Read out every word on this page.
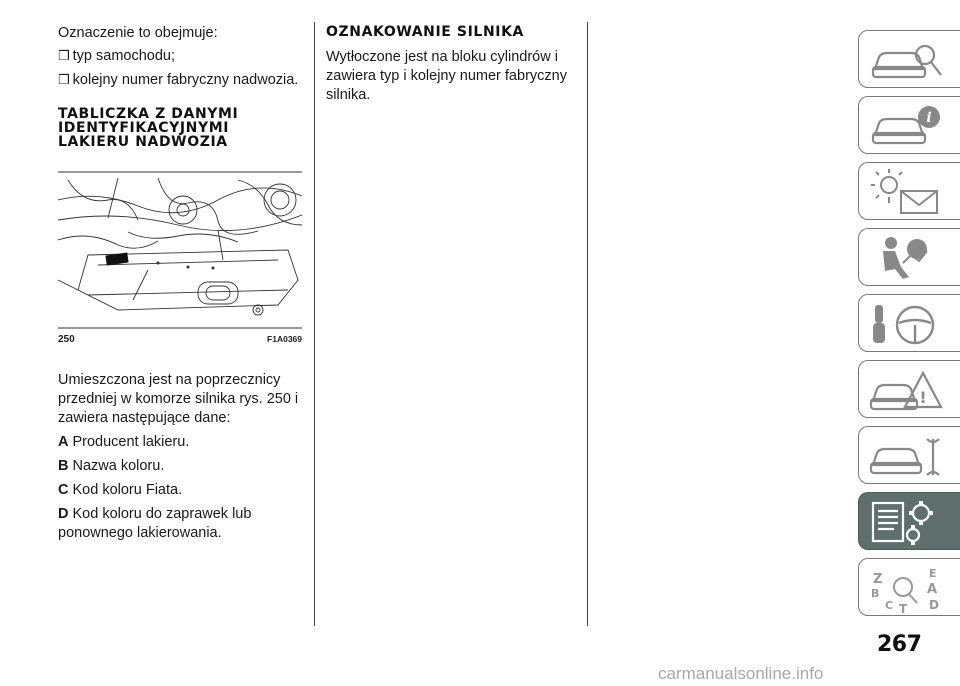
Oznaczenie to obejmuje:

❒ typ samochodu;
❒ kolejny numer fabryczny nadwozia.
TABLICZKA Z DANYMI
IDENTYFIKACYJNYMI
LAKIERU NADWOZIA
250	F1A0369
Umieszczona jest na poprzecznicy
przedniej w komorze silnika rys. 250 i
zawiera następujące dane:
A Producent lakieru.
B Nazwa koloru.
C Kod koloru Fiata.
D Kod koloru do zaprawek lub
ponownego lakierowania.
OZNAKOWANIE SILNIKA

Wytłoczone jest na bloku cylindrów i

zawiera typ i kolejny numer fabryczny

silnika.

i
!
Z	E
A
B
C T D
267
carmanualsonline.info
